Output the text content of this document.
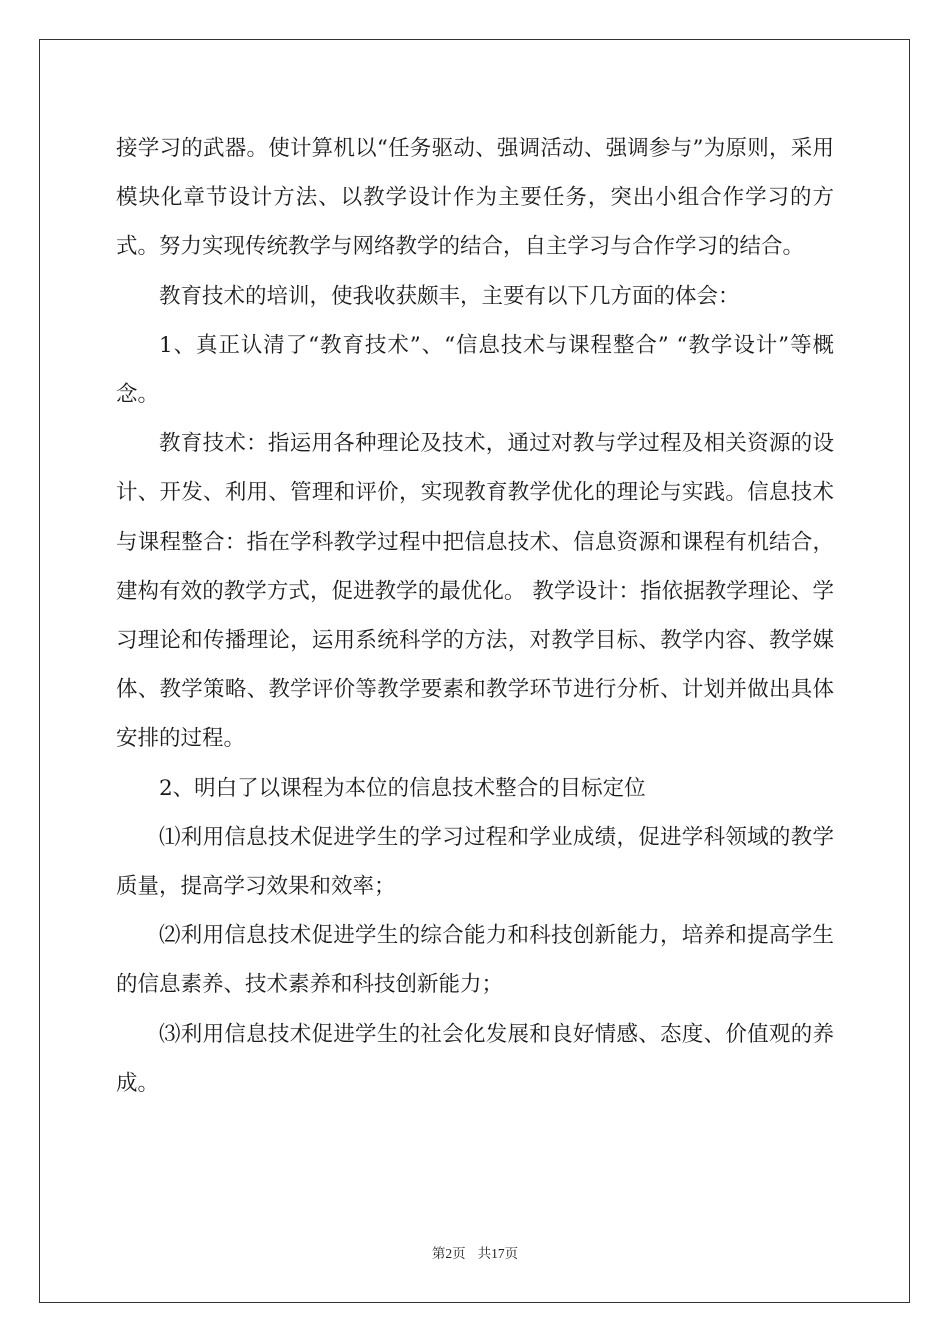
接学习的武器。使计算机以“任务驱动、强调活动、强调参与”为原则，采用模块化章节设计方法、以教学设计作为主要任务，突出小组合作学习的方式。努力实现传统教学与网络教学的结合，自主学习与合作学习的结合。

教育技术的培训，使我收获颇丰，主要有以下几方面的体会：

1、真正认清了“教育技术”、“信息技术与课程整合” “教学设计”等概念。

教育技术：指运用各种理论及技术，通过对教与学过程及相关资源的设计、开发、利用、管理和评价，实现教育教学优化的理论与实践。信息技术与课程整合：指在学科教学过程中把信息技术、信息资源和课程有机结合，建构有效的教学方式，促进教学的最优化。 教学设计：指依据教学理论、学习理论和传播理论，运用系统科学的方法，对教学目标、教学内容、教学媒体、教学策略、教学评价等教学要素和教学环节进行分析、计划并做出具体安排的过程。

2、明白了以课程为本位的信息技术整合的目标定位

⑴利用信息技术促进学生的学习过程和学业成绩，促进学科领域的教学质量，提高学习效果和效率；

⑵利用信息技术促进学生的综合能力和科技创新能力，培养和提高学生的信息素养、技术素养和科技创新能力；

⑶利用信息技术促进学生的社会化发展和良好情感、态度、价值观的养成。

第2页 共17页
